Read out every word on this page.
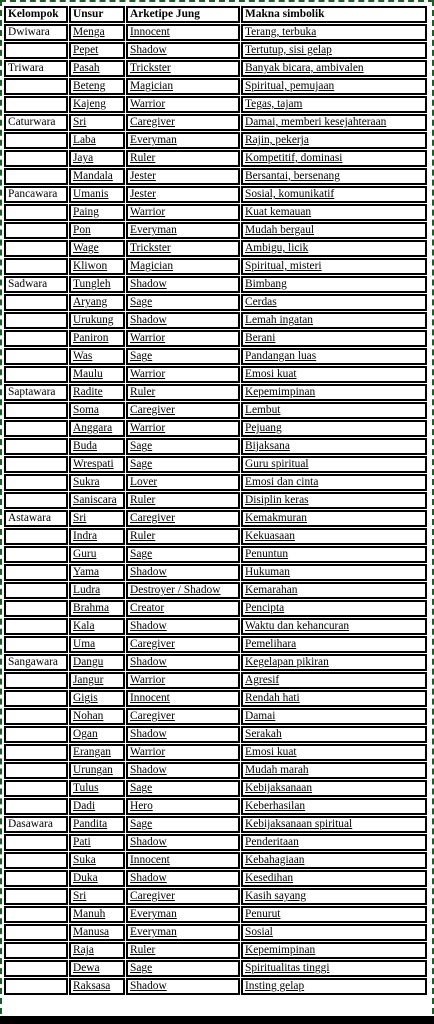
Kelompok	Unsur	Arketipe Jung	Makna simbolik
Dwiwara	Menga	Innocent	Terang, terbuka
	Pepet	Shadow	Tertutup, sisi gelap
Triwara	Pasah	Trickster	Banyak bicara, ambivalen
	Beteng	Magician	Spiritual, pemujaan
	Kajeng	Warrior	Tegas, tajam
Caturwara	Sri	Caregiver	Damai, memberi kesejahteraan
	Laba	Everyman	Rajin, pekerja
	Jaya	Ruler	Kompetitif, dominasi
	Mandala	Jester	Bersantai, bersenang
Pancawara	Umanis	Jester	Sosial, komunikatif
	Paing	Warrior	Kuat kemauan
	Pon	Everyman	Mudah bergaul
	Wage	Trickster	Ambigu, licik
	Kliwon	Magician	Spiritual, misteri
Sadwara	Tungleh	Shadow	Bimbang
	Aryang	Sage	Cerdas
	Urukung	Shadow	Lemah ingatan
	Paniron	Warrior	Berani
	Was	Sage	Pandangan luas
	Maulu	Warrior	Emosi kuat
Saptawara	Radite	Ruler	Kepemimpinan
	Soma	Caregiver	Lembut
	Anggara	Warrior	Pejuang
	Buda	Sage	Bijaksana
	Wrespati	Sage	Guru spiritual
	Sukra	Lover	Emosi dan cinta
	Saniscara	Ruler	Disiplin keras
Astawara	Sri	Caregiver	Kemakmuran
	Indra	Ruler	Kekuasaan
	Guru	Sage	Penuntun
	Yama	Shadow	Hukuman
	Ludra	Destroyer / Shadow	Kemarahan
	Brahma	Creator	Pencipta
	Kala	Shadow	Waktu dan kehancuran
	Uma	Caregiver	Pemelihara
Sangawara	Dangu	Shadow	Kegelapan pikiran
	Jangur	Warrior	Agresif
	Gigis	Innocent	Rendah hati
	Nohan	Caregiver	Damai
	Ogan	Shadow	Serakah
	Erangan	Warrior	Emosi kuat
	Urungan	Shadow	Mudah marah
	Tulus	Sage	Kebijaksanaan
	Dadi	Hero	Keberhasilan
Dasawara	Pandita	Sage	Kebijaksanaan spiritual
	Pati	Shadow	Penderitaan
	Suka	Innocent	Kebahagiaan
	Duka	Shadow	Kesedihan
	Sri	Caregiver	Kasih sayang
	Manuh	Everyman	Penurut
	Manusa	Everyman	Sosial
	Raja	Ruler	Kepemimpinan
	Dewa	Sage	Spiritualitas tinggi
	Raksasa	Shadow	Insting gelap
